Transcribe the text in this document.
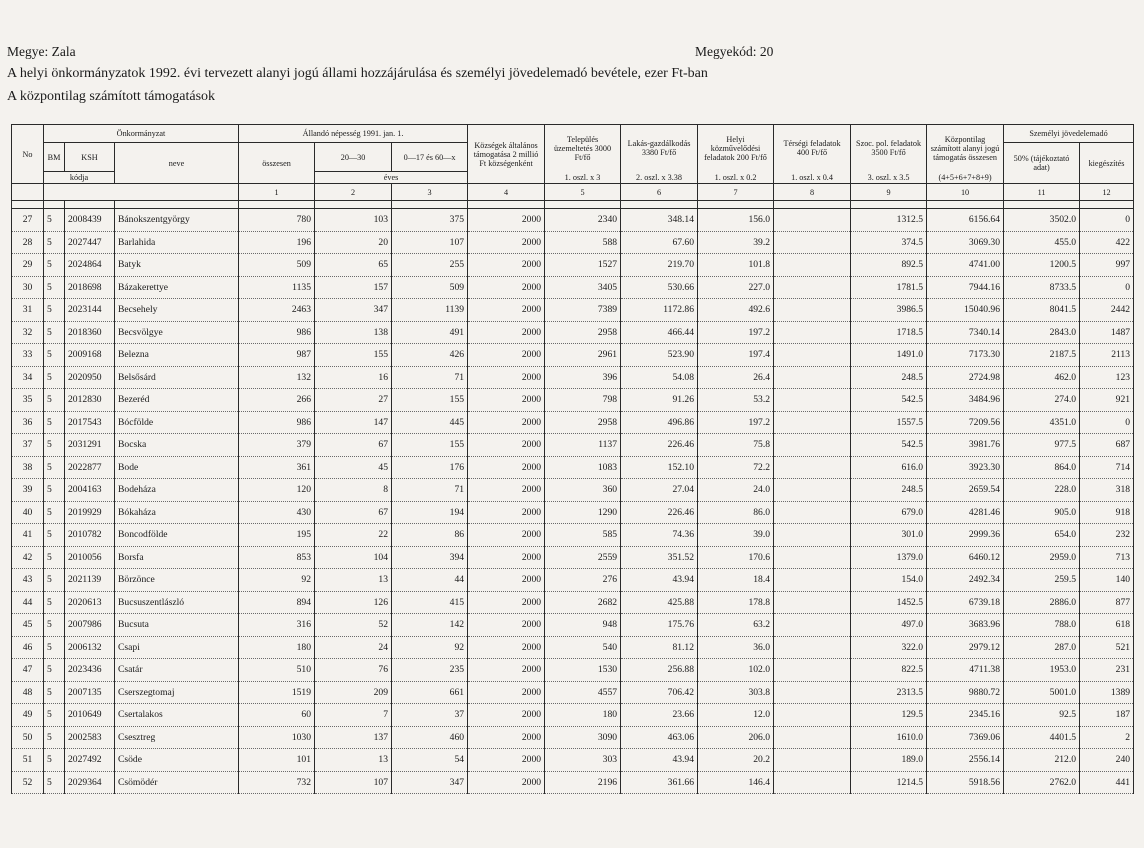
Megye: Zala	Megyekód: 20
A helyi önkormányzatok 1992. évi tervezett alanyi jogú állami hozzájárulása és személyi jövedelemadó bevétele, ezer Ft-ban
A központilag számított támogatások
No	Önkormányzat			Állandó népesség 1991. jan. 1.			Községek általános támogatása 2 millió Ft községenként	Település üzemeltetés 3000 Ft/fő	Lakás-gazdálkodás 3380 Ft/fő	Helyi közművelődési feladatok 200 Ft/fő	Térségi feladatok 400 Ft/fő	Szoc. pol. feladatok 3500 Ft/fő	Központilag számított alanyi jogú támogatás összesen	Személyi jövedelemadó	
	BM	KSH	neve	összesen	20—30	0—17 és 60—x								50% (tájékoztató adat)	kiegészítés
	kódja				éves			1. oszl. x 3	2. oszl. x 3.38	1. oszl. x 0.2	1. oszl. x 0.4	3. oszl. x 3.5	(4+5+6+7+8+9)		
				1	2	3	4	5	6	7	8	9	10	11	12

27	5	2008439	Bánokszentgyörgy	780	103	375	2000	2340	348.14	156.0		1312.5	6156.64	3502.0	0
28	5	2027447	Barlahida	196	20	107	2000	588	67.60	39.2		374.5	3069.30	455.0	422
29	5	2024864	Batyk	509	65	255	2000	1527	219.70	101.8		892.5	4741.00	1200.5	997
30	5	2018698	Bázakerettye	1135	157	509	2000	3405	530.66	227.0		1781.5	7944.16	8733.5	0
31	5	2023144	Becsehely	2463	347	1139	2000	7389	1172.86	492.6		3986.5	15040.96	8041.5	2442
32	5	2018360	Becsvölgye	986	138	491	2000	2958	466.44	197.2		1718.5	7340.14	2843.0	1487
33	5	2009168	Belezna	987	155	426	2000	2961	523.90	197.4		1491.0	7173.30	2187.5	2113
34	5	2020950	Belsősárd	132	16	71	2000	396	54.08	26.4		248.5	2724.98	462.0	123
35	5	2012830	Bezeréd	266	27	155	2000	798	91.26	53.2		542.5	3484.96	274.0	921
36	5	2017543	Bócfölde	986	147	445	2000	2958	496.86	197.2		1557.5	7209.56	4351.0	0
37	5	2031291	Bocska	379	67	155	2000	1137	226.46	75.8		542.5	3981.76	977.5	687
38	5	2022877	Bode	361	45	176	2000	1083	152.10	72.2		616.0	3923.30	864.0	714
39	5	2004163	Bodeháza	120	8	71	2000	360	27.04	24.0		248.5	2659.54	228.0	318
40	5	2019929	Bókaháza	430	67	194	2000	1290	226.46	86.0		679.0	4281.46	905.0	918
41	5	2010782	Boncodfölde	195	22	86	2000	585	74.36	39.0		301.0	2999.36	654.0	232
42	5	2010056	Borsfa	853	104	394	2000	2559	351.52	170.6		1379.0	6460.12	2959.0	713
43	5	2021139	Börzönce	92	13	44	2000	276	43.94	18.4		154.0	2492.34	259.5	140
44	5	2020613	Bucsuszentlászló	894	126	415	2000	2682	425.88	178.8		1452.5	6739.18	2886.0	877
45	5	2007986	Bucsuta	316	52	142	2000	948	175.76	63.2		497.0	3683.96	788.0	618
46	5	2006132	Csapi	180	24	92	2000	540	81.12	36.0		322.0	2979.12	287.0	521
47	5	2023436	Csatár	510	76	235	2000	1530	256.88	102.0		822.5	4711.38	1953.0	231
48	5	2007135	Cserszegtomaj	1519	209	661	2000	4557	706.42	303.8		2313.5	9880.72	5001.0	1389
49	5	2010649	Csertalakos	60	7	37	2000	180	23.66	12.0		129.5	2345.16	92.5	187
50	5	2002583	Csesztreg	1030	137	460	2000	3090	463.06	206.0		1610.0	7369.06	4401.5	2
51	5	2027492	Csöde	101	13	54	2000	303	43.94	20.2		189.0	2556.14	212.0	240
52	5	2029364	Csömödér	732	107	347	2000	2196	361.66	146.4		1214.5	5918.56	2762.0	441
